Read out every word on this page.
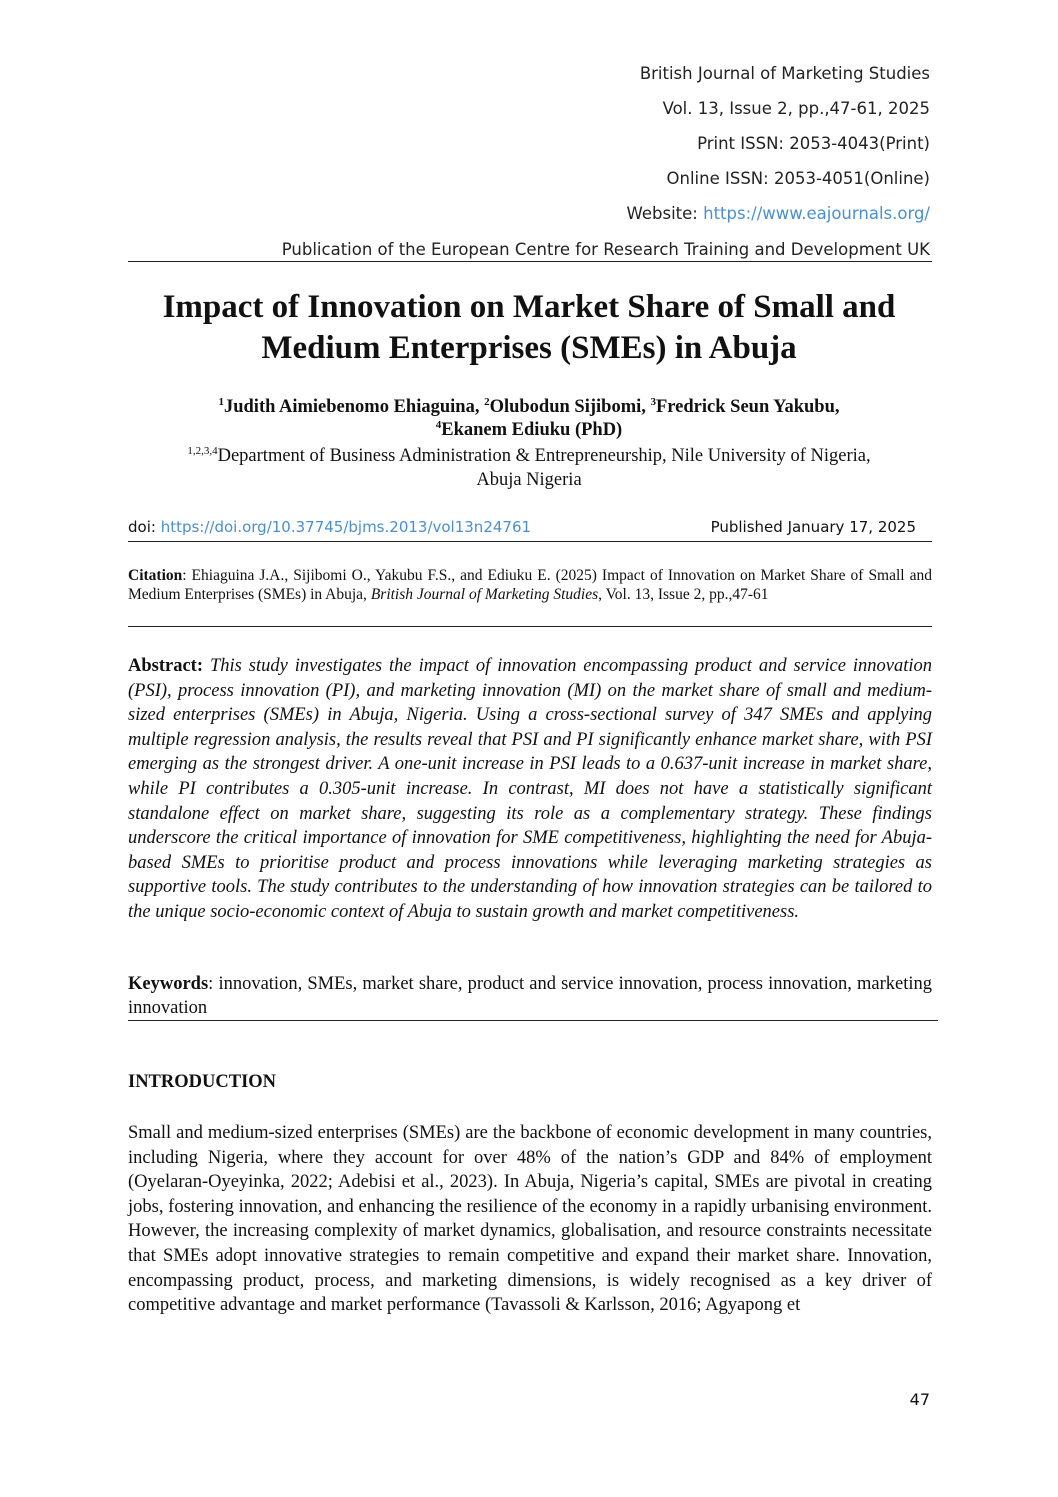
British Journal of Marketing Studies
Vol. 13, Issue 2, pp.,47-61, 2025
Print ISSN: 2053-4043(Print)
Online ISSN: 2053-4051(Online)
Website: https://www.eajournals.org/
Publication of the European Centre for Research Training and Development UK
Impact of Innovation on Market Share of Small and
Medium Enterprises (SMEs) in Abuja
$^1$Judith Aimiebenomo Ehiaguina, $^2$Olubodun Sijibomi, $^3$Fredrick Seun Yakubu,
$^4$Ekanem Ediuku (PhD)
$^{1,2,3,4}$Department of Business Administration & Entrepreneurship, Nile University of Nigeria,
Abuja Nigeria
doi: https://doi.org/10.37745/bjms.2013/vol13n24761	Published January 17, 2025
Citation: Ehiaguina J.A., Sijibomi O., Yakubu F.S., and Ediuku E. (2025) Impact of Innovation on Market Share of Small and Medium Enterprises (SMEs) in Abuja, British Journal of Marketing Studies, Vol. 13, Issue 2, pp.,47-61
Abstract: This study investigates the impact of innovation encompassing product and service innovation (PSI), process innovation (PI), and marketing innovation (MI) on the market share of small and medium-sized enterprises (SMEs) in Abuja, Nigeria. Using a cross-sectional survey of 347 SMEs and applying multiple regression analysis, the results reveal that PSI and PI significantly enhance market share, with PSI emerging as the strongest driver. A one-unit increase in PSI leads to a 0.637-unit increase in market share, while PI contributes a 0.305-unit increase. In contrast, MI does not have a statistically significant standalone effect on market share, suggesting its role as a complementary strategy. These findings underscore the critical importance of innovation for SME competitiveness, highlighting the need for Abuja-based SMEs to prioritise product and process innovations while leveraging marketing strategies as supportive tools. The study contributes to the understanding of how innovation strategies can be tailored to the unique socio-economic context of Abuja to sustain growth and market competitiveness.
Keywords: innovation, SMEs, market share, product and service innovation, process innovation, marketing innovation
INTRODUCTION
Small and medium-sized enterprises (SMEs) are the backbone of economic development in many countries, including Nigeria, where they account for over 48% of the nation’s GDP and 84% of employment (Oyelaran-Oyeyinka, 2022; Adebisi et al., 2023). In Abuja, Nigeria’s capital, SMEs are pivotal in creating jobs, fostering innovation, and enhancing the resilience of the economy in a rapidly urbanising environment. However, the increasing complexity of market dynamics, globalisation, and resource constraints necessitate that SMEs adopt innovative strategies to remain competitive and expand their market share. Innovation, encompassing product, process, and marketing dimensions, is widely recognised as a key driver of competitive advantage and market performance (Tavassoli & Karlsson, 2016; Agyapong et
47
